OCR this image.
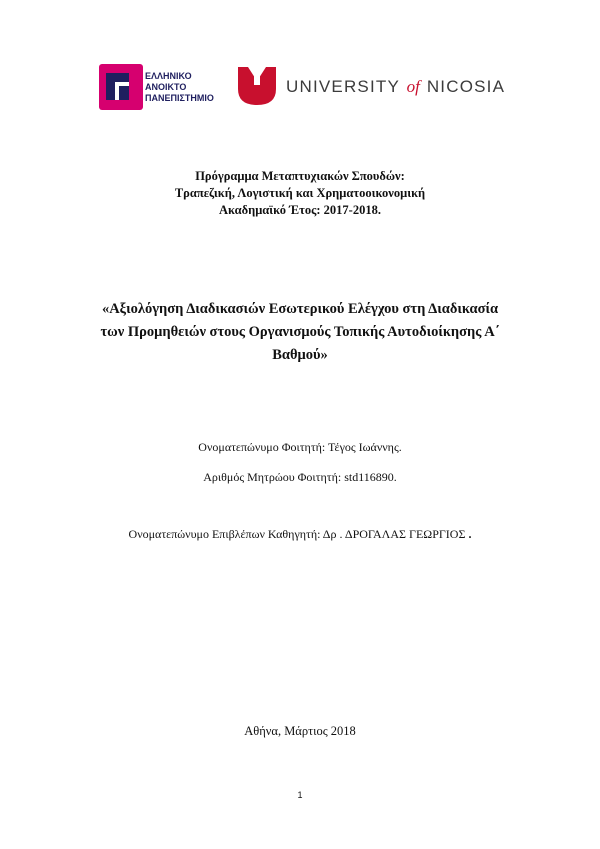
ΕΛΛΗΝΙΚΟ
ΑΝΟΙΚΤΟ
ΠΑΝΕΠΙΣΤΗΜΙΟ
UNIVERSITY of NICOSIA
Πρόγραμμα Μεταπτυχιακών Σπουδών:
Τραπεζική, Λογιστική και Χρηματοοικονομική
Ακαδημαϊκό Έτος: 2017-2018.
«Αξιολόγηση Διαδικασιών Εσωτερικού Ελέγχου στη Διαδικασία
των Προμηθειών στους Οργανισμούς Τοπικής Αυτοδιοίκησης Α΄
Βαθμού»
Ονοματεπώνυμο Φοιτητή: Τέγος Ιωάννης.
Αριθμός Μητρώου Φοιτητή: std116890.
Ονοματεπώνυμο Επιβλέπων Καθηγητή: Δρ . ΔΡΟΓΑΛΑΣ ΓΕΩΡΓΙΟΣ .
Αθήνα, Μάρτιος 2018
1
